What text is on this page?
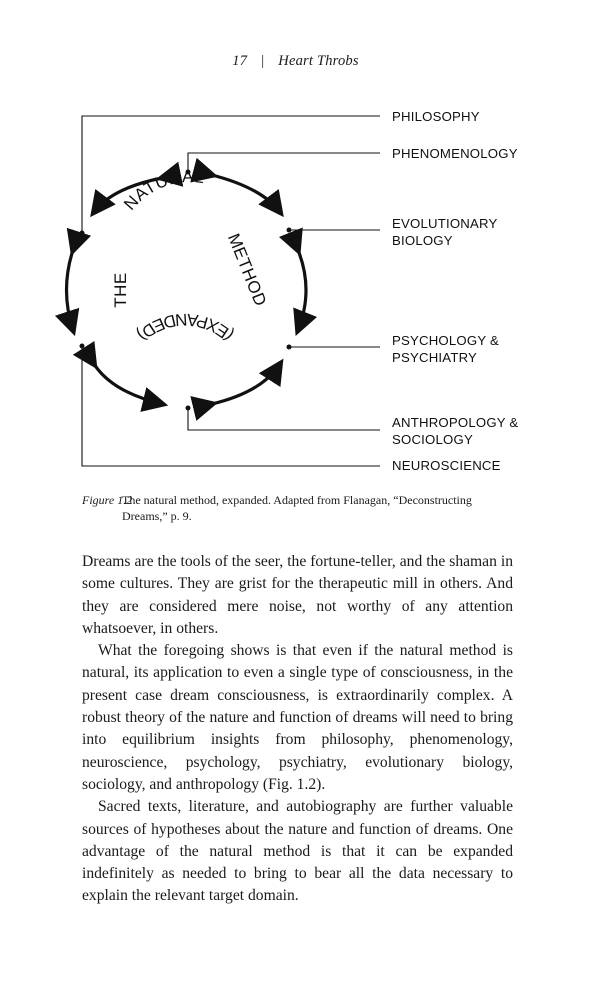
17 | Heart Throbs
NATURAL
THE	METHOD
(EXPANDED)
PHILOSOPHY
PHENOMENOLOGY
EVOLUTIONARY
BIOLOGY
PSYCHOLOGY &
PSYCHIATRY
ANTHROPOLOGY &
SOCIOLOGY
NEUROSCIENCE
Figure 1.2
The natural method, expanded. Adapted from Flanagan, “Deconstructing Dreams,” p. 9.

Dreams are the tools of the seer, the fortune-teller, and the shaman in some cultures. They are grist for the therapeutic mill in others. And they are considered mere noise, not worthy of any attention whatsoever, in others.

What the foregoing shows is that even if the natural method is natural, its application to even a single type of consciousness, in the present case dream consciousness, is extraordinarily complex. A robust theory of the nature and function of dreams will need to bring into equilibrium insights from philosophy, phenomenology, neuroscience, psychology, psychiatry, evolutionary biology, sociology, and anthropology (Fig. 1.2).

Sacred texts, literature, and autobiography are further valuable sources of hypotheses about the nature and function of dreams. One advantage of the natural method is that it can be expanded indefinitely as needed to bring to bear all the data necessary to explain the relevant target domain.
